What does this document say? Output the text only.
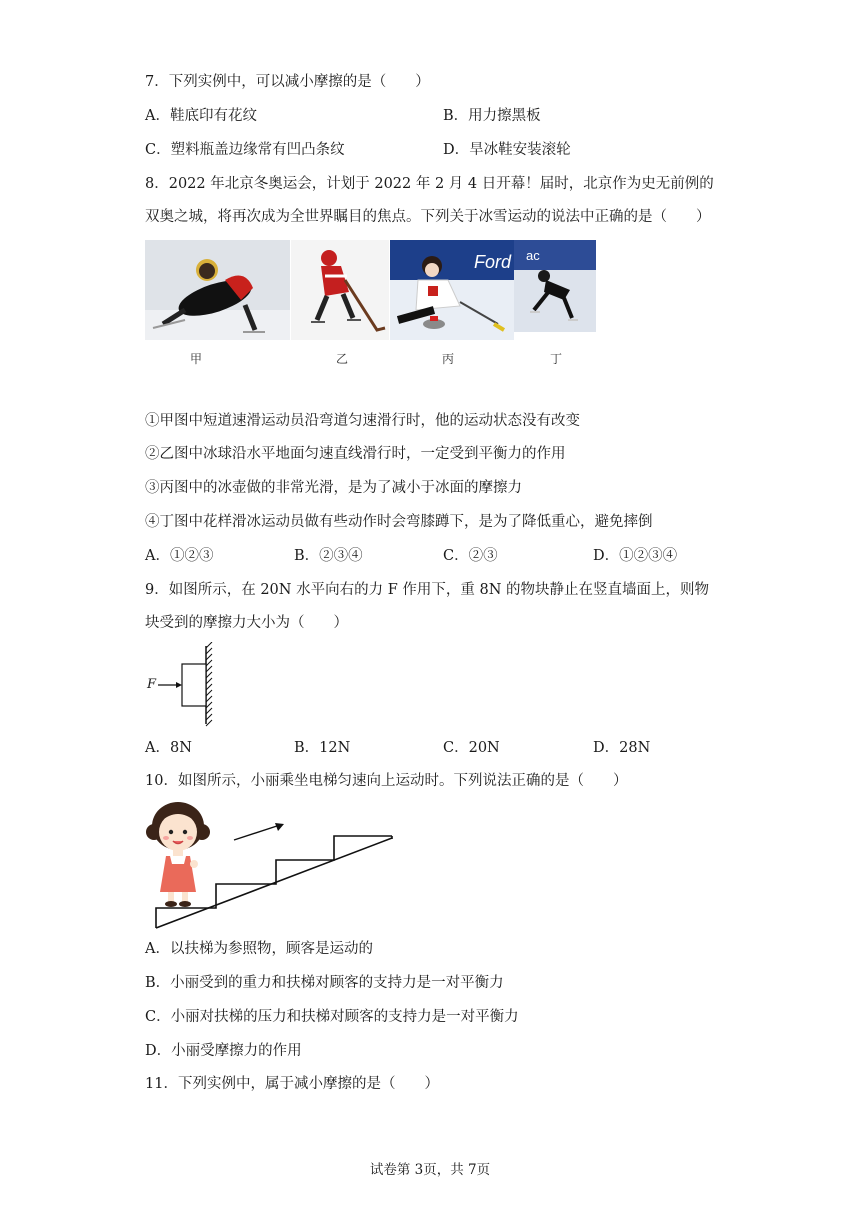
7．下列实例中，可以减小摩擦的是（　　）
A．鞋底印有花纹	B．用力擦黑板
C．塑料瓶盖边缘常有凹凸条纹	D．旱冰鞋安装滚轮
8．2022 年北京冬奥运会，计划于 2022 年 2 月 4 日开幕！届时，北京作为史无前例的
双奥之城，将再次成为全世界瞩目的焦点。下列关于冰雪运动的说法中正确的是（　　）
Ford ac
甲	乙	丙	丁
①甲图中短道速滑运动员沿弯道匀速滑行时，他的运动状态没有改变
②乙图中冰球沿水平地面匀速直线滑行时，一定受到平衡力的作用
③丙图中的冰壶做的非常光滑，是为了减小于冰面的摩擦力
④丁图中花样滑冰运动员做有些动作时会弯膝蹲下，是为了降低重心，避免摔倒
A．①②③	B．②③④	C．②③	D．①②③④
9．如图所示，在 20N 水平向右的力 F 作用下，重 8N 的物块静止在竖直墙面上，则物
块受到的摩擦力大小为（　　）
F
A．8N	B．12N	C．20N	D．28N
10．如图所示，小丽乘坐电梯匀速向上运动时。下列说法正确的是（　　）
A．以扶梯为参照物，顾客是运动的
B．小丽受到的重力和扶梯对顾客的支持力是一对平衡力
C．小丽对扶梯的压力和扶梯对顾客的支持力是一对平衡力
D．小丽受摩擦力的作用
11．下列实例中，属于减小摩擦的是（　　）
试卷第 3页，共 7页
